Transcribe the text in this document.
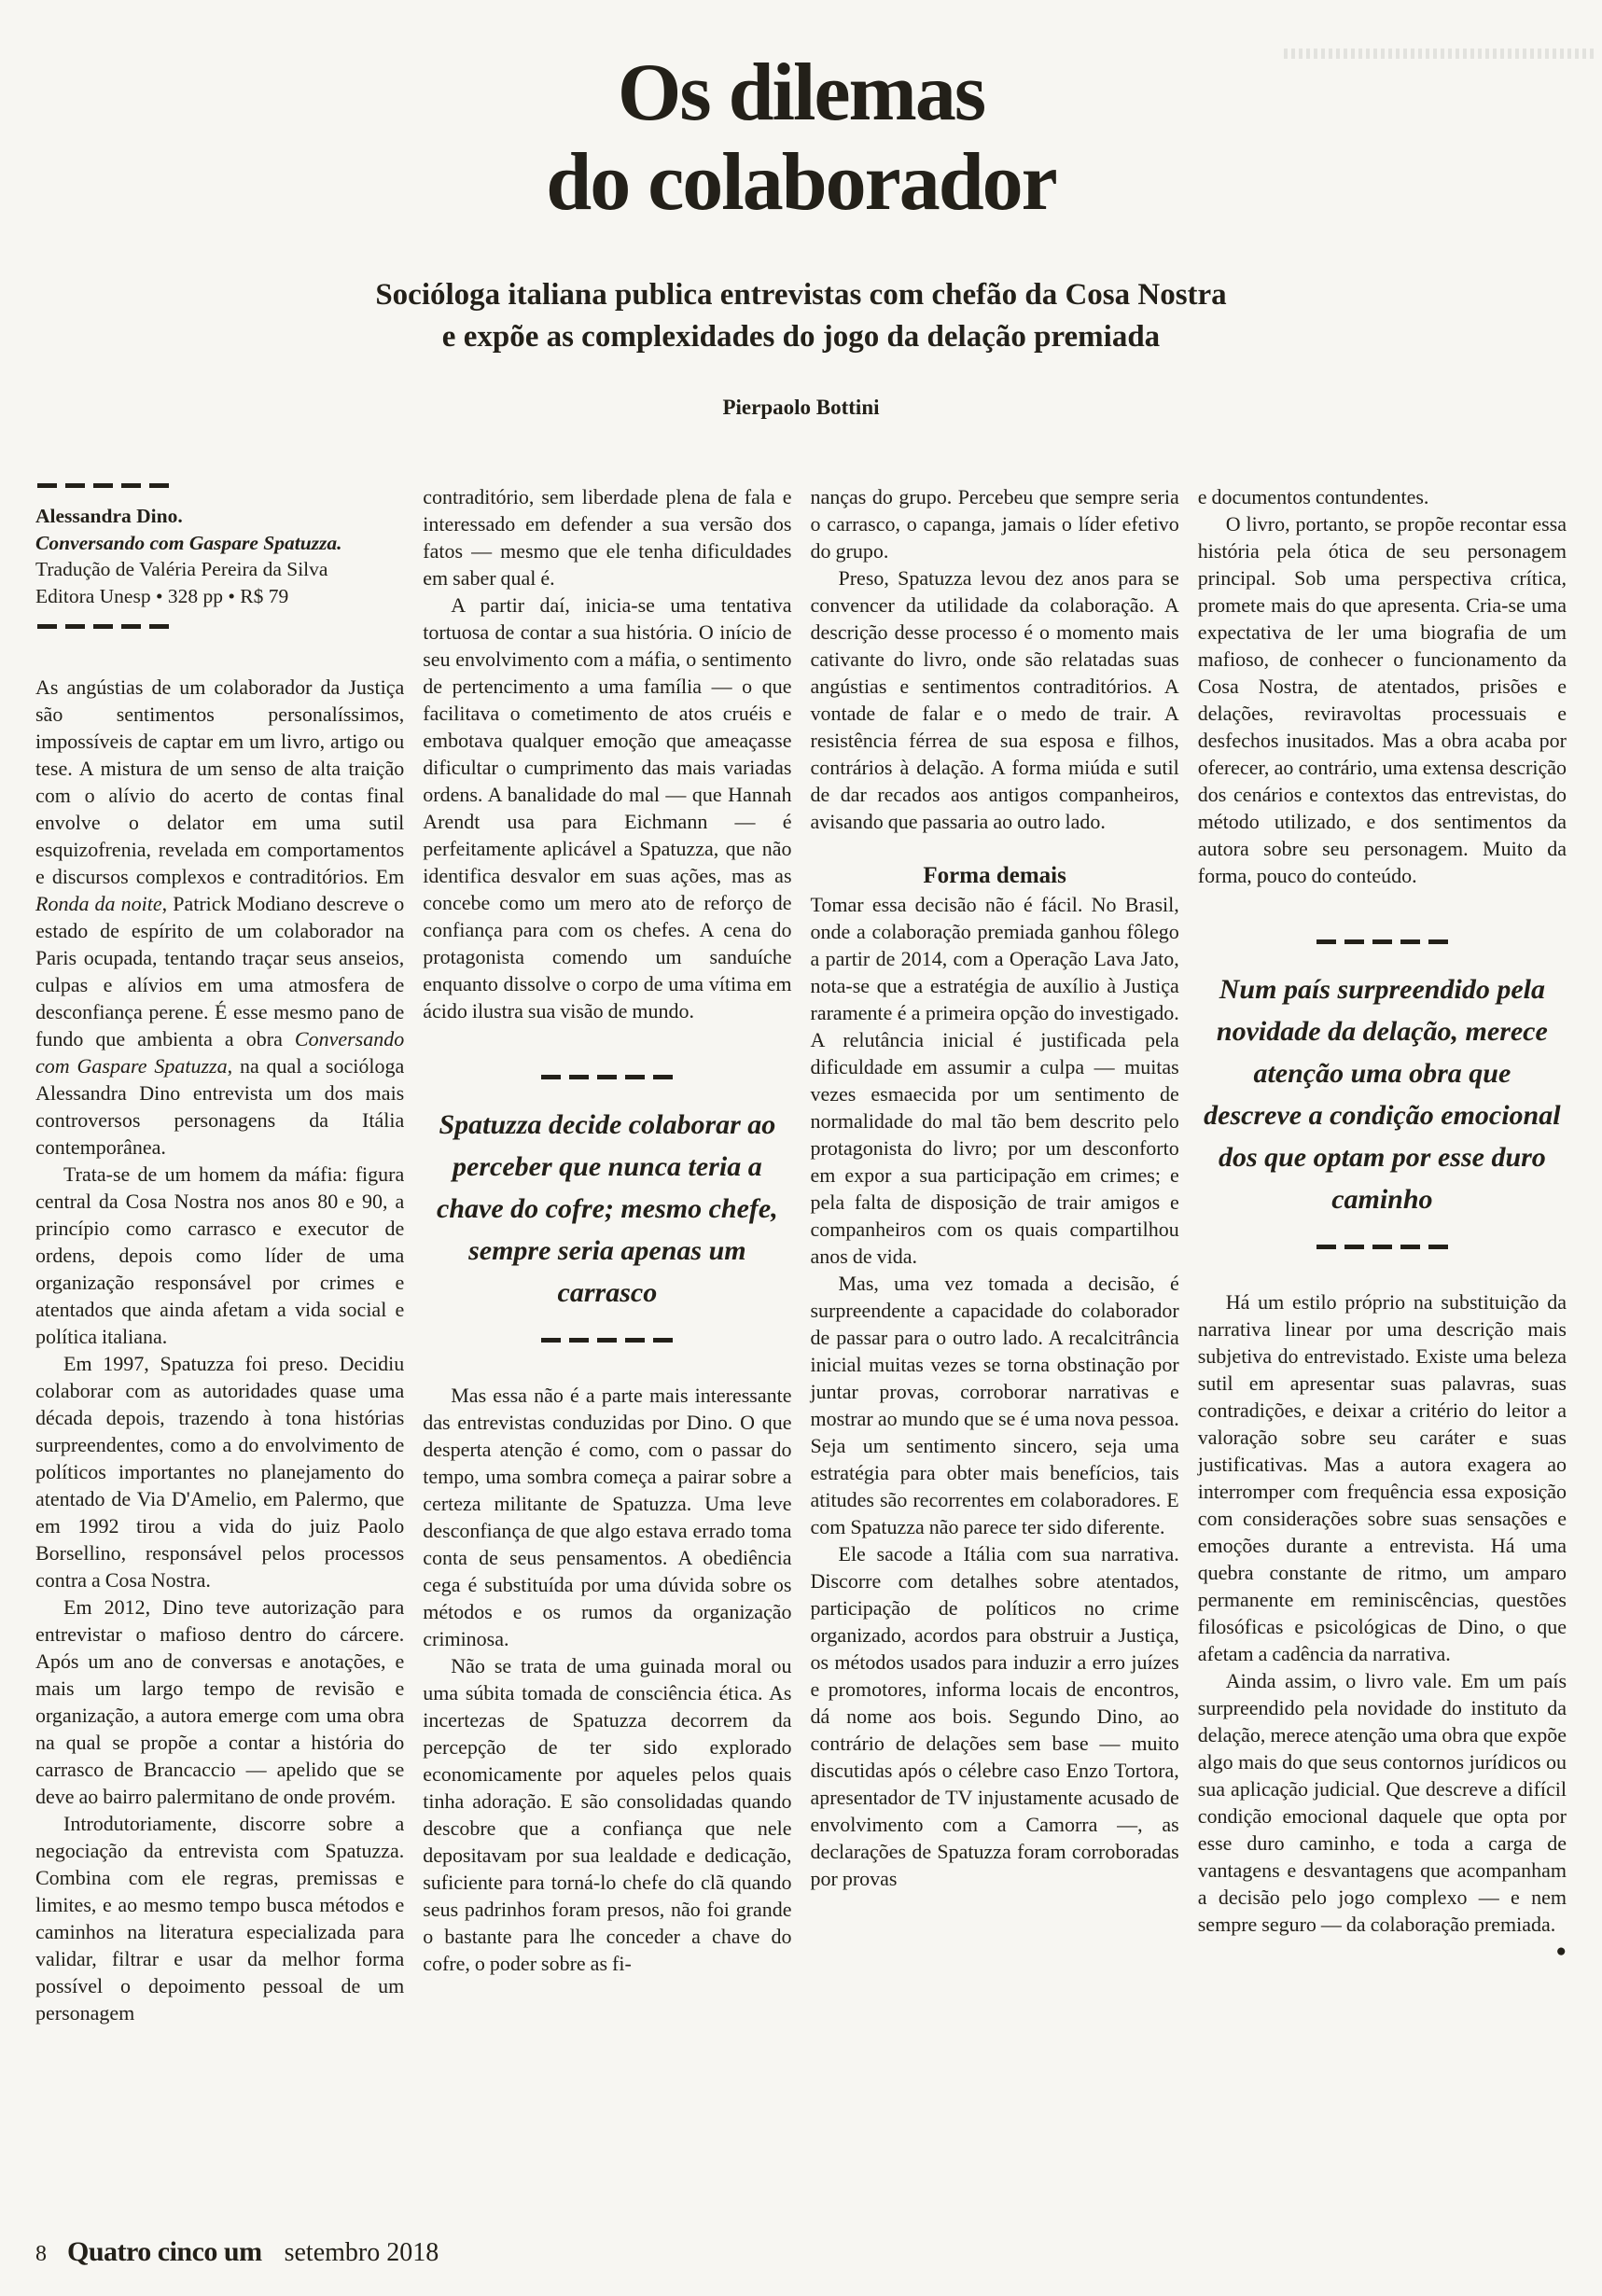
Os dilemas
do colaborador
Socióloga italiana publica entrevistas com chefão da Cosa Nostra
e expõe as complexidades do jogo da delação premiada
Pierpaolo Bottini
Alessandra Dino.
Conversando com Gaspare Spatuzza.
Tradução de Valéria Pereira da Silva
Editora Unesp • 328 pp • R$ 79

As angústias de um colaborador da Justiça são sentimentos personalíssimos, impossíveis de captar em um livro, artigo ou tese. A mistura de um senso de alta traição com o alívio do acerto de contas final envolve o delator em uma sutil esquizofrenia, revelada em comportamentos e discursos complexos e contraditórios. Em Ronda da noite, Patrick Modiano descreve o estado de espírito de um colaborador na Paris ocupada, tentando traçar seus anseios, culpas e alívios em uma atmosfera de desconfiança perene. É esse mesmo pano de fundo que ambienta a obra Conversando com Gaspare Spatuzza, na qual a socióloga Alessandra Dino entrevista um dos mais controversos personagens da Itália contemporânea.

Trata-se de um homem da máfia: figura central da Cosa Nostra nos anos 80 e 90, a princípio como carrasco e executor de ordens, depois como líder de uma organização responsável por crimes e atentados que ainda afetam a vida social e política italiana.

Em 1997, Spatuzza foi preso. Decidiu colaborar com as autoridades quase uma década depois, trazendo à tona histórias surpreendentes, como a do envolvimento de políticos importantes no planejamento do atentado de Via D'Amelio, em Palermo, que em 1992 tirou a vida do juiz Paolo Borsellino, responsável pelos processos contra a Cosa Nostra.

Em 2012, Dino teve autorização para entrevistar o mafioso dentro do cárcere. Após um ano de conversas e anotações, e mais um largo tempo de revisão e organização, a autora emerge com uma obra na qual se propõe a contar a história do carrasco de Brancaccio — apelido que se deve ao bairro palermitano de onde provém.

Introdutoriamente, discorre sobre a negociação da entrevista com Spatuzza. Combina com ele regras, premissas e limites, e ao mesmo tempo busca métodos e caminhos na literatura especializada para validar, filtrar e usar da melhor forma possível o depoimento pessoal de um personagem

contraditório, sem liberdade plena de fala e interessado em defender a sua versão dos fatos — mesmo que ele tenha dificuldades em saber qual é.

A partir daí, inicia-se uma tentativa tortuosa de contar a sua história. O início de seu envolvimento com a máfia, o sentimento de pertencimento a uma família — o que facilitava o cometimento de atos cruéis e embotava qualquer emoção que ameaçasse dificultar o cumprimento das mais variadas ordens. A banalidade do mal — que Hannah Arendt usa para Eichmann — é perfeitamente aplicável a Spatuzza, que não identifica desvalor em suas ações, mas as concebe como um mero ato de reforço de confiança para com os chefes. A cena do protagonista comendo um sanduíche enquanto dissolve o corpo de uma vítima em ácido ilustra sua visão de mundo.

Spatuzza decide colaborar ao perceber que nunca teria a chave do cofre; mesmo chefe, sempre seria apenas um carrasco

Mas essa não é a parte mais interessante das entrevistas conduzidas por Dino. O que desperta atenção é como, com o passar do tempo, uma sombra começa a pairar sobre a certeza militante de Spatuzza. Uma leve desconfiança de que algo estava errado toma conta de seus pensamentos. A obediência cega é substituída por uma dúvida sobre os métodos e os rumos da organização criminosa.

Não se trata de uma guinada moral ou uma súbita tomada de consciência ética. As incertezas de Spatuzza decorrem da percepção de ter sido explorado economicamente por aqueles pelos quais tinha adoração. E são consolidadas quando descobre que a confiança que nele depositavam por sua lealdade e dedicação, suficiente para torná-lo chefe do clã quando seus padrinhos foram presos, não foi grande o bastante para lhe conceder a chave do cofre, o poder sobre as fi-

nanças do grupo. Percebeu que sempre seria o carrasco, o capanga, jamais o líder efetivo do grupo.

Preso, Spatuzza levou dez anos para se convencer da utilidade da colaboração. A descrição desse processo é o momento mais cativante do livro, onde são relatadas suas angústias e sentimentos contraditórios. A vontade de falar e o medo de trair. A resistência férrea de sua esposa e filhos, contrários à delação. A forma miúda e sutil de dar recados aos antigos companheiros, avisando que passaria ao outro lado.

Forma demais

Tomar essa decisão não é fácil. No Brasil, onde a colaboração premiada ganhou fôlego a partir de 2014, com a Operação Lava Jato, nota-se que a estratégia de auxílio à Justiça raramente é a primeira opção do investigado. A relutância inicial é justificada pela dificuldade em assumir a culpa — muitas vezes esmaecida por um sentimento de normalidade do mal tão bem descrito pelo protagonista do livro; por um desconforto em expor a sua participação em crimes; e pela falta de disposição de trair amigos e companheiros com os quais compartilhou anos de vida.

Mas, uma vez tomada a decisão, é surpreendente a capacidade do colaborador de passar para o outro lado. A recalcitrância inicial muitas vezes se torna obstinação por juntar provas, corroborar narrativas e mostrar ao mundo que se é uma nova pessoa. Seja um sentimento sincero, seja uma estratégia para obter mais benefícios, tais atitudes são recorrentes em colaboradores. E com Spatuzza não parece ter sido diferente.

Ele sacode a Itália com sua narrativa. Discorre com detalhes sobre atentados, participação de políticos no crime organizado, acordos para obstruir a Justiça, os métodos usados para induzir a erro juízes e promotores, informa locais de encontros, dá nome aos bois. Segundo Dino, ao contrário de delações sem base — muito discutidas após o célebre caso Enzo Tortora, apresentador de TV injustamente acusado de envolvimento com a Camorra —, as declarações de Spatuzza foram corroboradas por provas

e documentos contundentes.

O livro, portanto, se propõe recontar essa história pela ótica de seu personagem principal. Sob uma perspectiva crítica, promete mais do que apresenta. Cria-se uma expectativa de ler uma biografia de um mafioso, de conhecer o funcionamento da Cosa Nostra, de atentados, prisões e delações, reviravoltas processuais e desfechos inusitados. Mas a obra acaba por oferecer, ao contrário, uma extensa descrição dos cenários e contextos das entrevistas, do método utilizado, e dos sentimentos da autora sobre seu personagem. Muito da forma, pouco do conteúdo.

Num país surpreendido pela novidade da delação, merece atenção uma obra que descreve a condição emocional dos que optam por esse duro caminho

Há um estilo próprio na substituição da narrativa linear por uma descrição mais subjetiva do entrevistado. Existe uma beleza sutil em apresentar suas palavras, suas contradições, e deixar a critério do leitor a valoração sobre seu caráter e suas justificativas. Mas a autora exagera ao interromper com frequência essa exposição com considerações sobre suas sensações e emoções durante a entrevista. Há uma quebra constante de ritmo, um amparo permanente em reminiscências, questões filosóficas e psicológicas de Dino, o que afetam a cadência da narrativa.

Ainda assim, o livro vale. Em um país surpreendido pela novidade do instituto da delação, merece atenção uma obra que expõe algo mais do que seus contornos jurídicos ou sua aplicação judicial. Que descreve a difícil condição emocional daquele que opta por esse duro caminho, e toda a carga de vantagens e desvantagens que acompanham a decisão pelo jogo complexo — e nem sempre seguro — da colaboração premiada.
●

8 Quatro cinco um setembro 2018
